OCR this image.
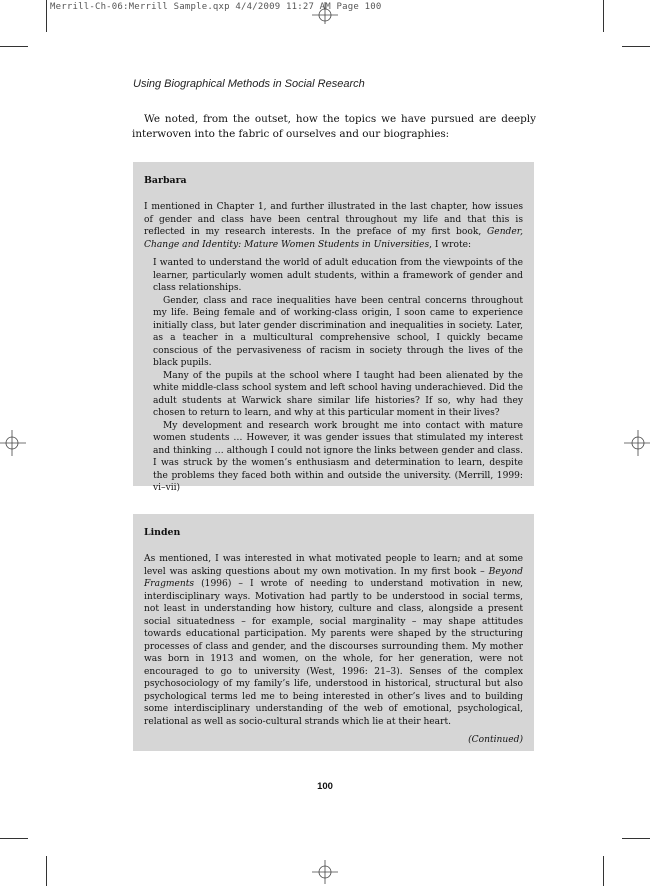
Merrill-Ch-06:Merrill Sample.qxp 4/4/2009 11:27 AM Page 100
Using Biographical Methods in Social Research

We noted, from the outset, how the topics we have pursued are deeply interwoven into the fabric of ourselves and our biographies:

Barbara

I mentioned in Chapter 1, and further illustrated in the last chapter, how issues of gender and class have been central throughout my life and that this is reflected in my research interests. In the preface of my first book, Gender, Change and Identity: Mature Women Students in Universities, I wrote:

I wanted to understand the world of adult education from the viewpoints of the learner, particularly women adult students, within a framework of gender and class relationships.

Gender, class and race inequalities have been central concerns throughout my life. Being female and of working-class origin, I soon came to experience initially class, but later gender discrimination and inequalities in society. Later, as a teacher in a multicultural comprehensive school, I quickly became conscious of the pervasiveness of racism in society through the lives of the black pupils.

Many of the pupils at the school where I taught had been alienated by the white middle-class school system and left school having underachieved. Did the adult students at Warwick share similar life histories? If so, why had they chosen to return to learn, and why at this particular moment in their lives?

My development and research work brought me into contact with mature women students … However, it was gender issues that stimulated my interest and thinking … although I could not ignore the links between gender and class. I was struck by the women’s enthusiasm and determination to learn, despite the problems they faced both within and outside the university. (Merrill, 1999: vi–vii)

Linden

As mentioned, I was interested in what motivated people to learn; and at some level was asking questions about my own motivation. In my first book – Beyond Fragments (1996) – I wrote of needing to understand motivation in new, interdisciplinary ways. Motivation had partly to be understood in social terms, not least in understanding how history, culture and class, alongside a present social situatedness – for example, social marginality – may shape attitudes towards educational participation. My parents were shaped by the structuring processes of class and gender, and the discourses surrounding them. My mother was born in 1913 and women, on the whole, for her generation, were not encouraged to go to university (West, 1996: 21–3). Senses of the complex psychosociology of my family’s life, understood in historical, structural but also psychological terms led me to being interested in other’s lives and to building some interdisciplinary understanding of the web of emotional, psychological, relational as well as socio-cultural strands which lie at their heart.

(Continued)

100
